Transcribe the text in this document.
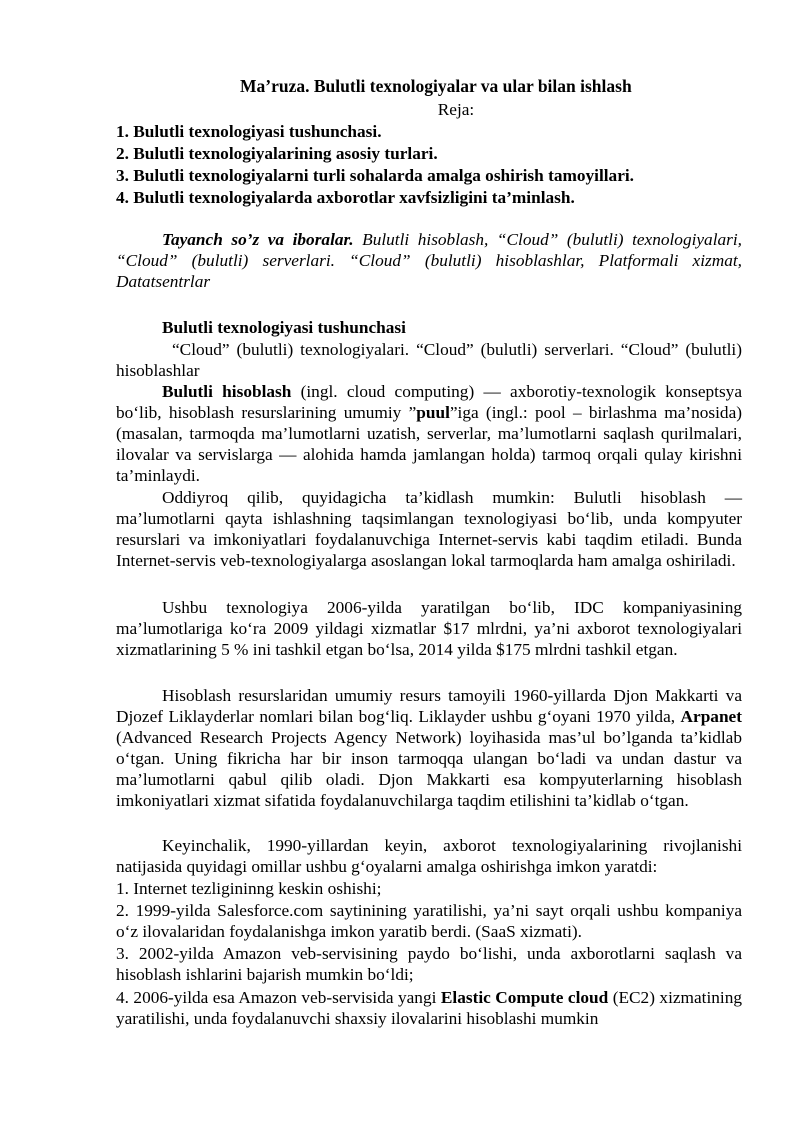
Ma’ruza. Bulutli texnologiyalar va ular bilan ishlash
Reja:
1. Bulutli texnologiyasi tushunchasi.
2. Bulutli texnologiyalarining asosiy turlari.
3. Bulutli texnologiyalarni turli sohalarda amalga oshirish tamoyillari.
4. Bulutli texnologiyalarda axborotlar xavfsizligini ta’minlash.

Tayanch so’z va iboralar. Bulutli hisoblash, “Cloud” (bulutli) texnologiyalari, “Cloud” (bulutli) serverlari. “Cloud” (bulutli) hisoblashlar, Platformali xizmat, Datatsentrlar

Bulutli texnologiyasi tushunchasi

“Cloud” (bulutli) texnologiyalari. “Cloud” (bulutli) serverlari. “Cloud” (bulutli) hisoblashlar

Bulutli hisoblash (ingl. cloud computing) — axborotiy-texnologik konseptsya bo‘lib, hisoblash resurslarining umumiy ”puul”iga (ingl.: pool – birlashma ma’nosida) (masalan, tarmoqda ma’lumotlarni uzatish, serverlar, ma’lumotlarni saqlash qurilmalari, ilovalar va servislarga — alohida hamda jamlangan holda) tarmoq orqali qulay kirishni ta’minlaydi.

Oddiyroq qilib, quyidagicha ta’kidlash mumkin: Bulutli hisoblash — ma’lumotlarni qayta ishlashning taqsimlangan texnologiyasi bo‘lib, unda kompyuter resurslari va imkoniyatlari foydalanuvchiga Internet-servis kabi taqdim etiladi. Bunda Internet-servis veb-texnologiyalarga asoslangan lokal tarmoqlarda ham amalga oshiriladi.

Ushbu texnologiya 2006-yilda yaratilgan bo‘lib, IDC kompaniyasining ma’lumotlariga ko‘ra 2009 yildagi xizmatlar $17 mlrdni, ya’ni axborot texnologiyalari xizmatlarining 5 % ini tashkil etgan bo‘lsa, 2014 yilda $175 mlrdni tashkil etgan.

Hisoblash resurslaridan umumiy resurs tamoyili 1960-yillarda Djon Makkarti va Djozef Liklayderlar nomlari bilan bog‘liq. Liklayder ushbu g‘oyani 1970 yilda, Arpanet (Advanced Research Projects Agency Network) loyihasida mas’ul bo’lganda ta’kidlab o‘tgan. Uning fikricha har bir inson tarmoqqa ulangan bo‘ladi va undan dastur va ma’lumotlarni qabul qilib oladi. Djon Makkarti esa kompyuterlarning hisoblash imkoniyatlari xizmat sifatida foydalanuvchilarga taqdim etilishini ta’kidlab o‘tgan.

Keyinchalik, 1990-yillardan keyin, axborot texnologiyalarining rivojlanishi natijasida quyidagi omillar ushbu g‘oyalarni amalga oshirishga imkon yaratdi:

1. Internet tezligininng keskin oshishi;

2. 1999-yilda Salesforce.com saytinining yaratilishi, ya’ni sayt orqali ushbu kompaniya o‘z ilovalaridan foydalanishga imkon yaratib berdi. (SaaS xizmati).

3. 2002-yilda Amazon veb-servisining paydo bo‘lishi, unda axborotlarni saqlash va hisoblash ishlarini bajarish mumkin bo‘ldi;

4. 2006-yilda esa Amazon veb-servisida yangi Elastic Compute cloud (EC2) xizmatining yaratilishi, unda foydalanuvchi shaxsiy ilovalarini hisoblashi mumkin
